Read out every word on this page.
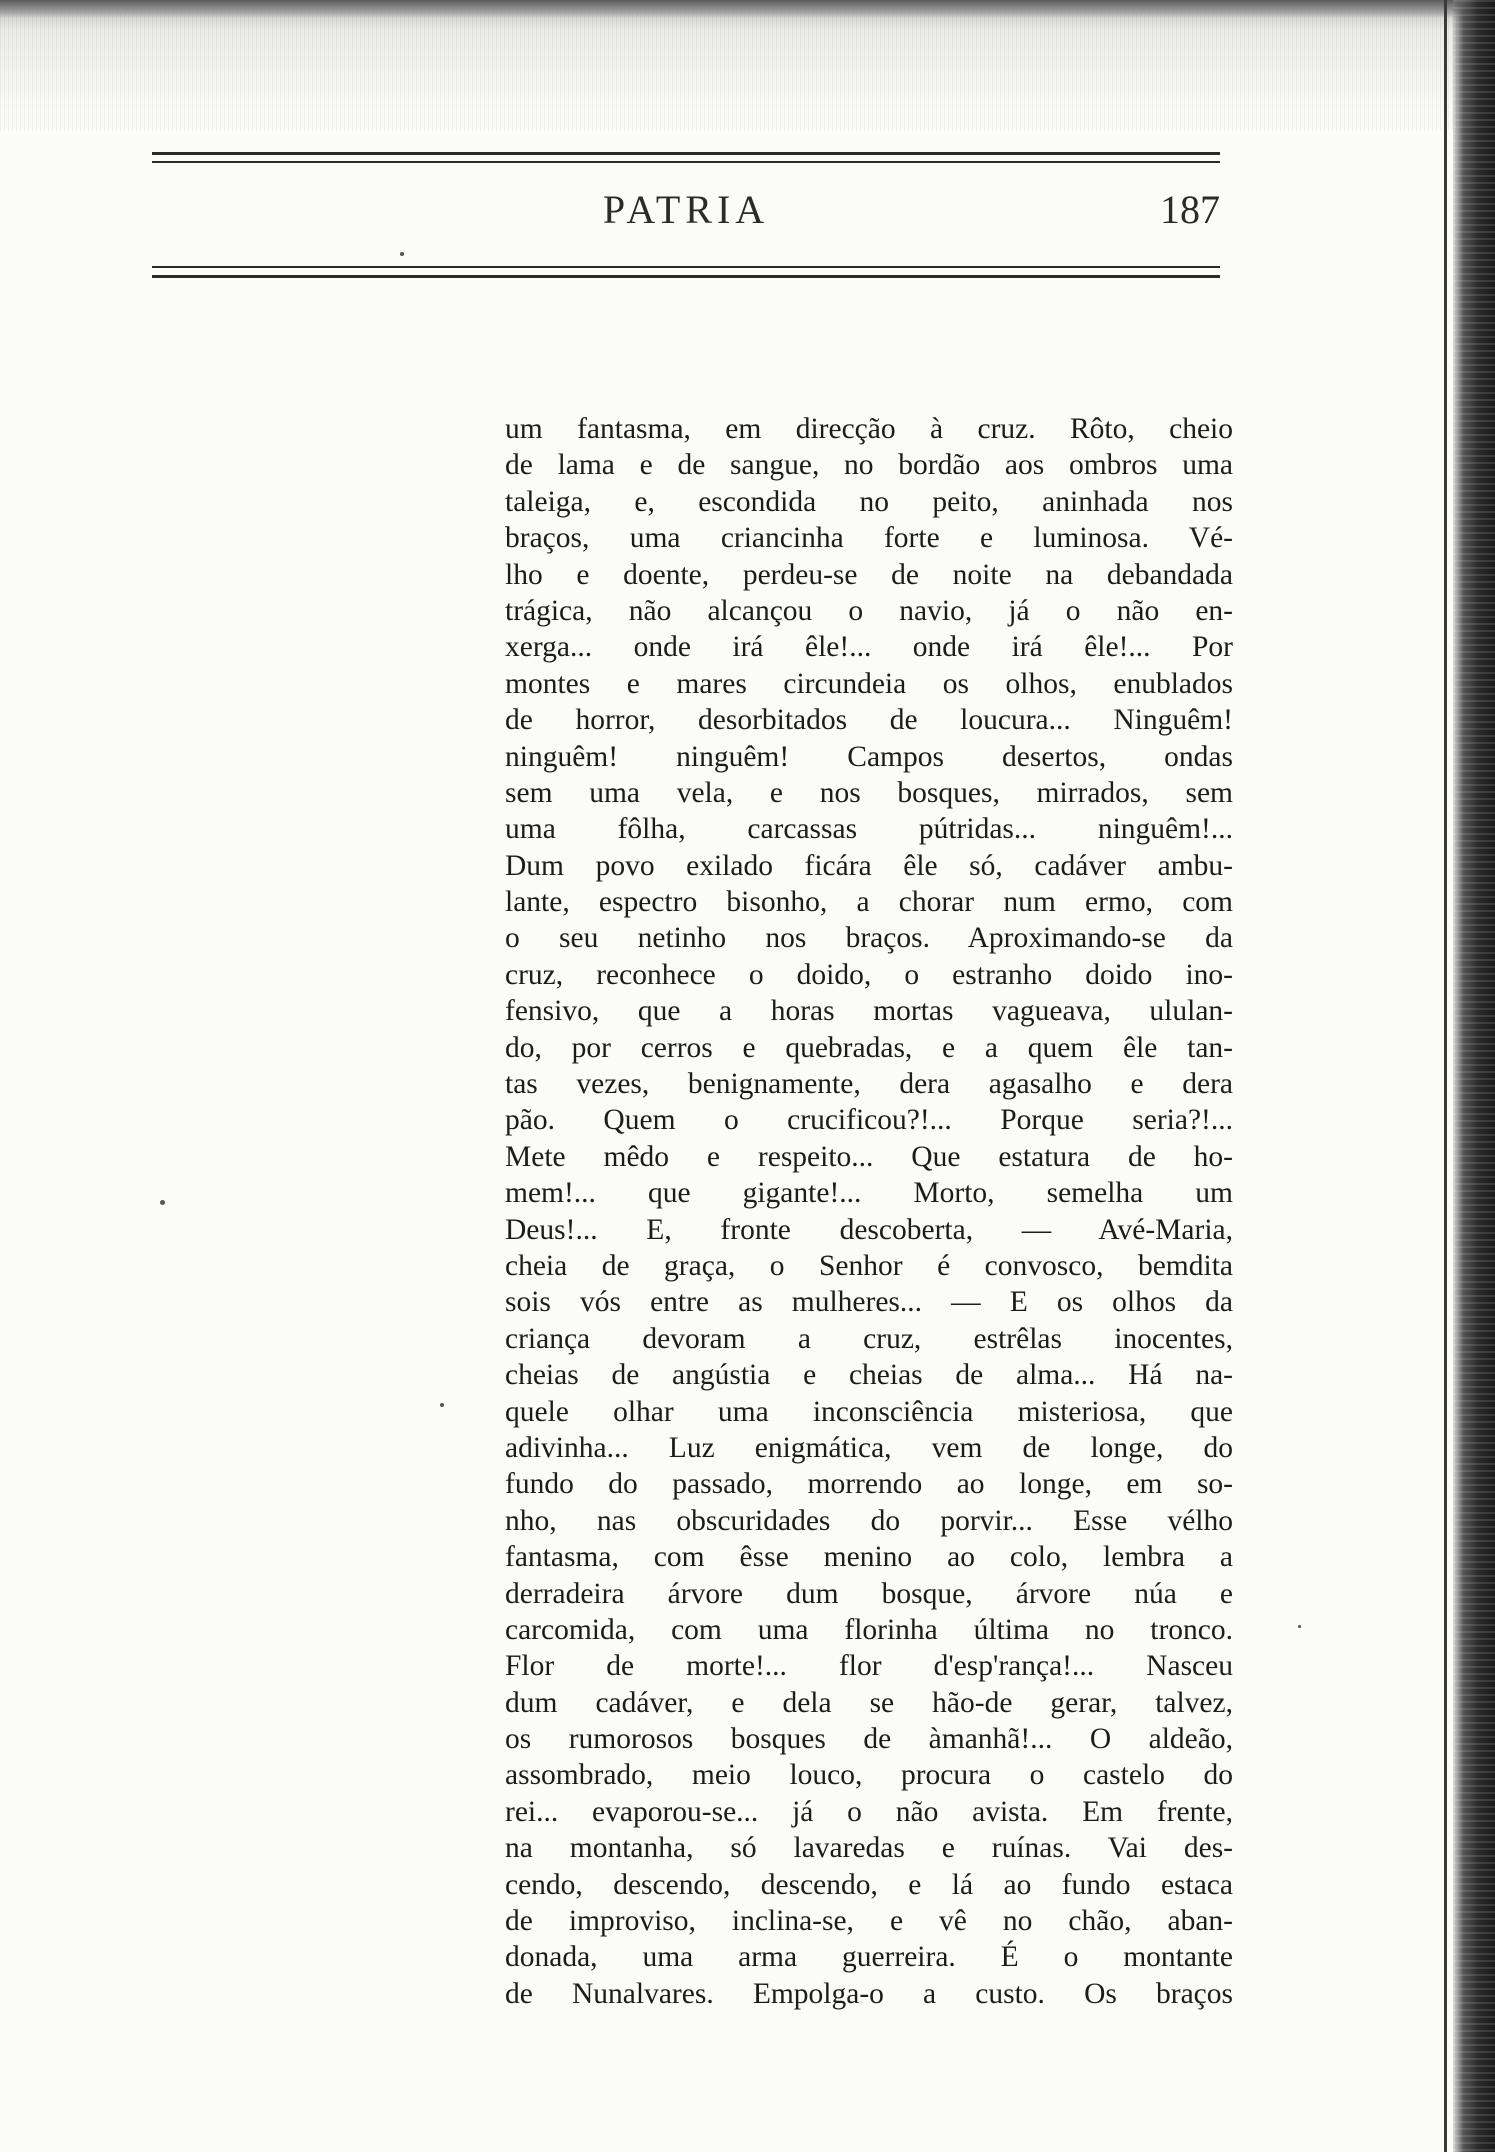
PATRIA	187
um fantasma, em direcção à cruz. Rôto, cheio
de lama e de sangue, no bordão aos ombros uma
taleiga, e, escondida no peito, aninhada nos
braços, uma criancinha forte e luminosa. Vé-
lho e doente, perdeu-se de noite na debandada
trágica, não alcançou o navio, já o não en-
xerga... onde irá êle!... onde irá êle!... Por
montes e mares circundeia os olhos, enublados
de horror, desorbitados de loucura... Ninguêm!
ninguêm! ninguêm! Campos desertos, ondas
sem uma vela, e nos bosques, mirrados, sem
uma fôlha, carcassas pútridas... ninguêm!...
Dum povo exilado ficára êle só, cadáver ambu-
lante, espectro bisonho, a chorar num ermo, com
o seu netinho nos braços. Aproximando-se da
cruz, reconhece o doido, o estranho doido ino-
fensivo, que a horas mortas vagueava, ululan-
do, por cerros e quebradas, e a quem êle tan-
tas vezes, benignamente, dera agasalho e dera
pão. Quem o crucificou?!... Porque seria?!...
Mete mêdo e respeito... Que estatura de ho-
mem!... que gigante!... Morto, semelha um
Deus!... E, fronte descoberta, — Avé-Maria,
cheia de graça, o Senhor é convosco, bemdita
sois vós entre as mulheres... — E os olhos da
criança devoram a cruz, estrêlas inocentes,
cheias de angústia e cheias de alma... Há na-
quele olhar uma inconsciência misteriosa, que
adivinha... Luz enigmática, vem de longe, do
fundo do passado, morrendo ao longe, em so-
nho, nas obscuridades do porvir... Esse vélho
fantasma, com êsse menino ao colo, lembra a
derradeira árvore dum bosque, árvore núa e
carcomida, com uma florinha última no tronco.
Flor de morte!... flor d'esp'rança!... Nasceu
dum cadáver, e dela se hão-de gerar, talvez,
os rumorosos bosques de àmanhã!... O aldeão,
assombrado, meio louco, procura o castelo do
rei... evaporou-se... já o não avista. Em frente,
na montanha, só lavaredas e ruínas. Vai des-
cendo, descendo, descendo, e lá ao fundo estaca
de improviso, inclina-se, e vê no chão, aban-
donada, uma arma guerreira. É o montante
de Nunalvares. Empolga-o a custo. Os braços
